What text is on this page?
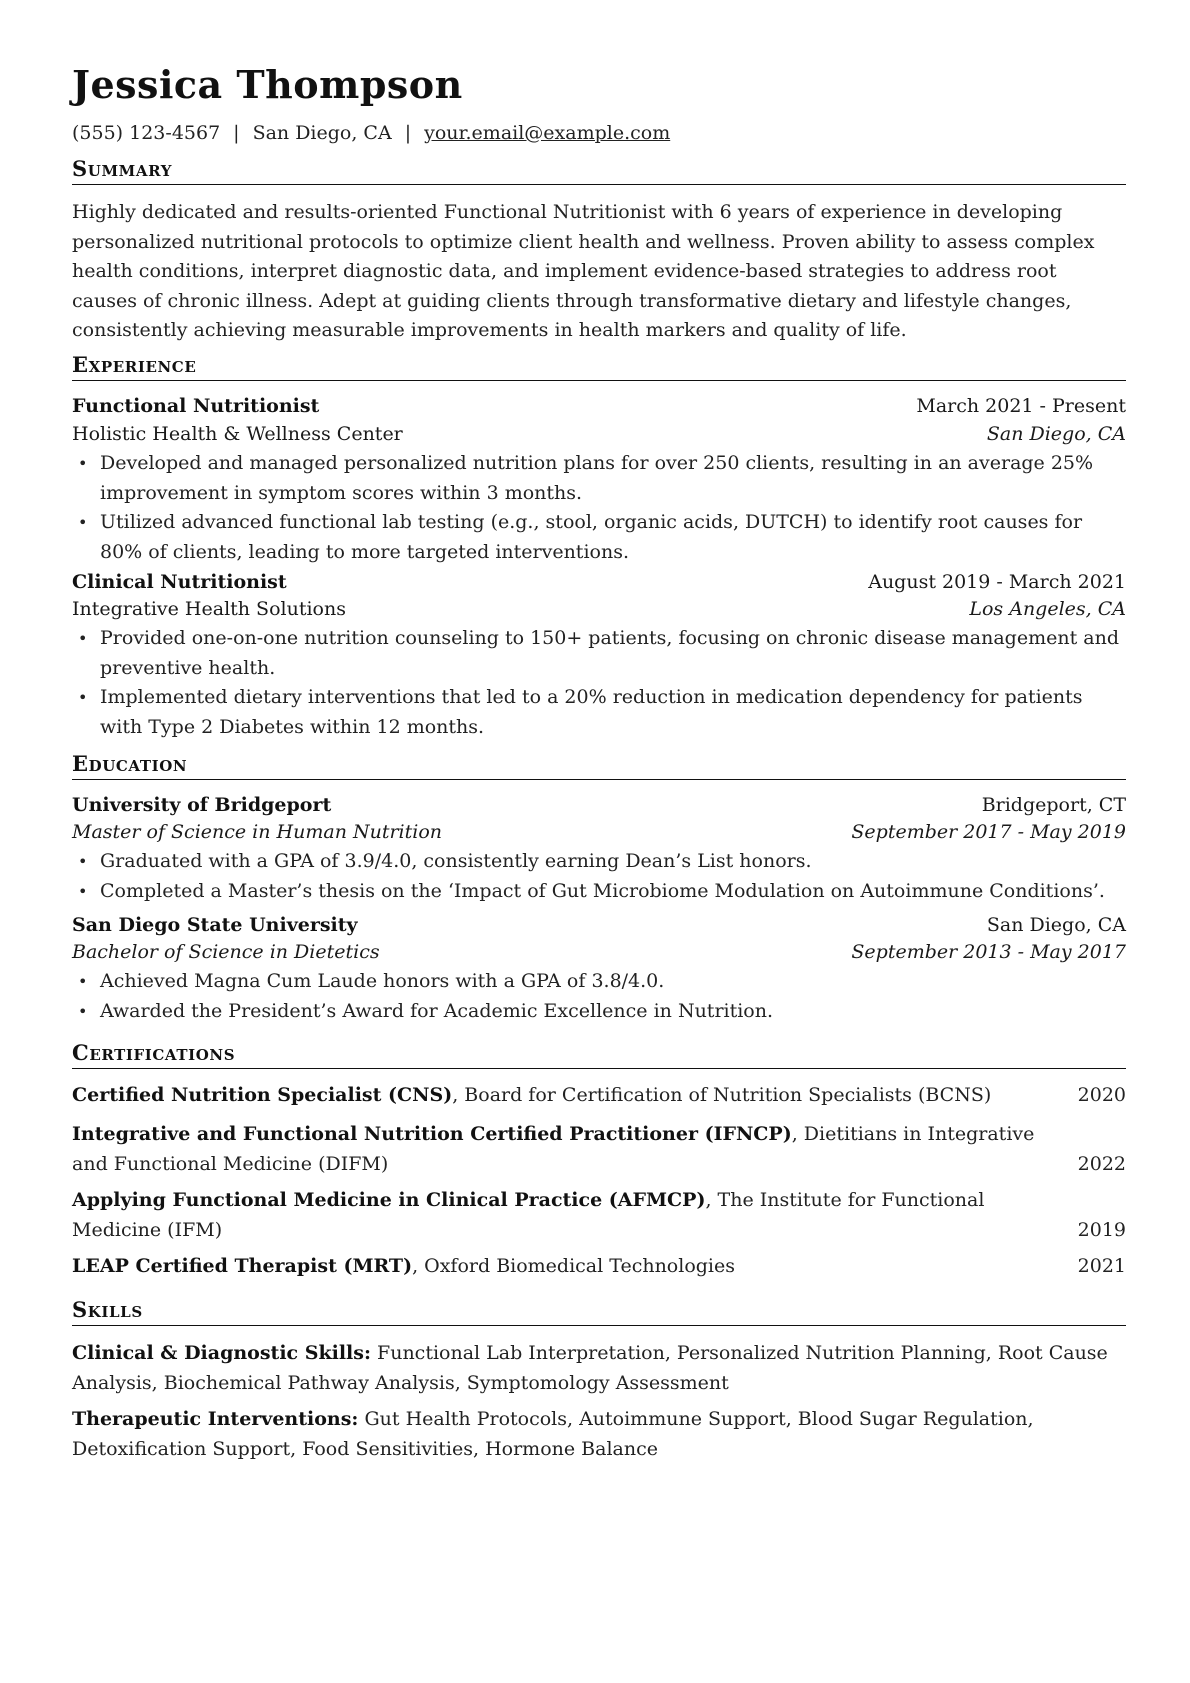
Jessica Thompson
(555) 123-4567 | San Diego, CA | your.email@example.com
Summary
Highly dedicated and results-oriented Functional Nutritionist with 6 years of experience in developing personalized nutritional protocols to optimize client health and wellness. Proven ability to assess complex health conditions, interpret diagnostic data, and implement evidence-based strategies to address root causes of chronic illness. Adept at guiding clients through transformative dietary and lifestyle changes, consistently achieving measurable improvements in health markers and quality of life.
Experience
Functional Nutritionist	March 2021 - Present
Holistic Health & Wellness Center	San Diego, CA
• Developed and managed personalized nutrition plans for over 250 clients, resulting in an average 25% improvement in symptom scores within 3 months.
• Utilized advanced functional lab testing (e.g., stool, organic acids, DUTCH) to identify root causes for 80% of clients, leading to more targeted interventions.
Clinical Nutritionist	August 2019 - March 2021
Integrative Health Solutions	Los Angeles, CA
• Provided one-on-one nutrition counseling to 150+ patients, focusing on chronic disease management and preventive health.
• Implemented dietary interventions that led to a 20% reduction in medication dependency for patients with Type 2 Diabetes within 12 months.
Education
University of Bridgeport	Bridgeport, CT
Master of Science in Human Nutrition	September 2017 - May 2019
• Graduated with a GPA of 3.9/4.0, consistently earning Dean’s List honors.
• Completed a Master’s thesis on the ‘Impact of Gut Microbiome Modulation on Autoimmune Conditions’.
San Diego State University	San Diego, CA
Bachelor of Science in Dietetics	September 2013 - May 2017
• Achieved Magna Cum Laude honors with a GPA of 3.8/4.0.
• Awarded the President’s Award for Academic Excellence in Nutrition.
Certifications
Certified Nutrition Specialist (CNS), Board for Certification of Nutrition Specialists (BCNS)	2020
Integrative and Functional Nutrition Certified Practitioner (IFNCP), Dietitians in Integrative and Functional Medicine (DIFM)	2022
Applying Functional Medicine in Clinical Practice (AFMCP), The Institute for Functional Medicine (IFM)	2019
LEAP Certified Therapist (MRT), Oxford Biomedical Technologies	2021
Skills
Clinical & Diagnostic Skills: Functional Lab Interpretation, Personalized Nutrition Planning, Root Cause Analysis, Biochemical Pathway Analysis, Symptomology Assessment
Therapeutic Interventions: Gut Health Protocols, Autoimmune Support, Blood Sugar Regulation, Detoxification Support, Food Sensitivities, Hormone Balance
